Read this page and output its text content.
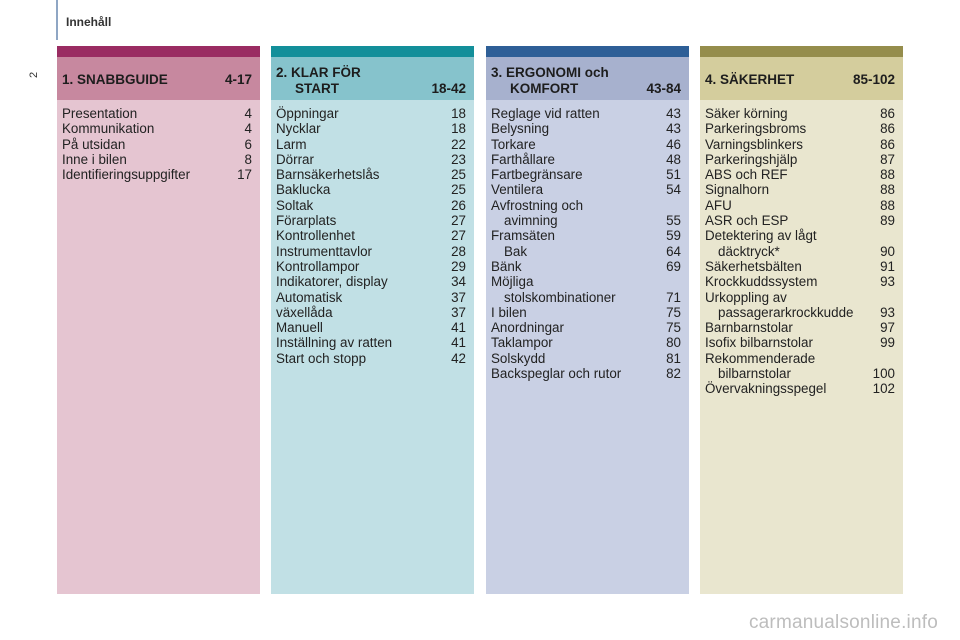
Innehåll
2 1. SNABBGUIDE	4-17
Presentation	4
Kommunikation	4
På utsidan	6
Inne i bilen	8
Identifieringsuppgifter	17
2. KLAR FÖR
START	18-42
Öppningar	18
Nycklar	18
Larm	22
Dörrar	23
Barnsäkerhetslås	25
Baklucka	25
Soltak	26
Förarplats	27
Kontrollenhet	27
Instrumenttavlor	28
Kontrollampor	29
Indikatorer, display	34
Automatisk	37
växellåda	37
Manuell	41
Inställning av ratten	41
Start och stopp	42
3. ERGONOMI och
KOMFORT	43-84
Reglage vid ratten	43
Belysning	43
Torkare	46
Farthållare	48
Fartbegränsare	51
Ventilera	54
Avfrostning och
avimning	55
Framsäten	59
Bak	64
Bänk	69
Möjliga
stolskombinationer	71
I bilen	75
Anordningar	75
Taklampor	80
Solskydd	81
Backspeglar och rutor	82
4. SÄKERHET	85-102
Säker körning	86
Parkeringsbroms	86
Varningsblinkers	86
Parkeringshjälp	87
ABS och REF	88
Signalhorn	88
AFU	88
ASR och ESP	89
Detektering av lågt
däcktryck*	90
Säkerhetsbälten	91
Krockkuddssystem	93
Urkoppling av
passagerarkrockkudde 93
Barnbarnstolar	97
Isofix bilbarnstolar	99
Rekommenderade
bilbarnstolar	100
Övervakningsspegel	102
carmanualsonline.info
